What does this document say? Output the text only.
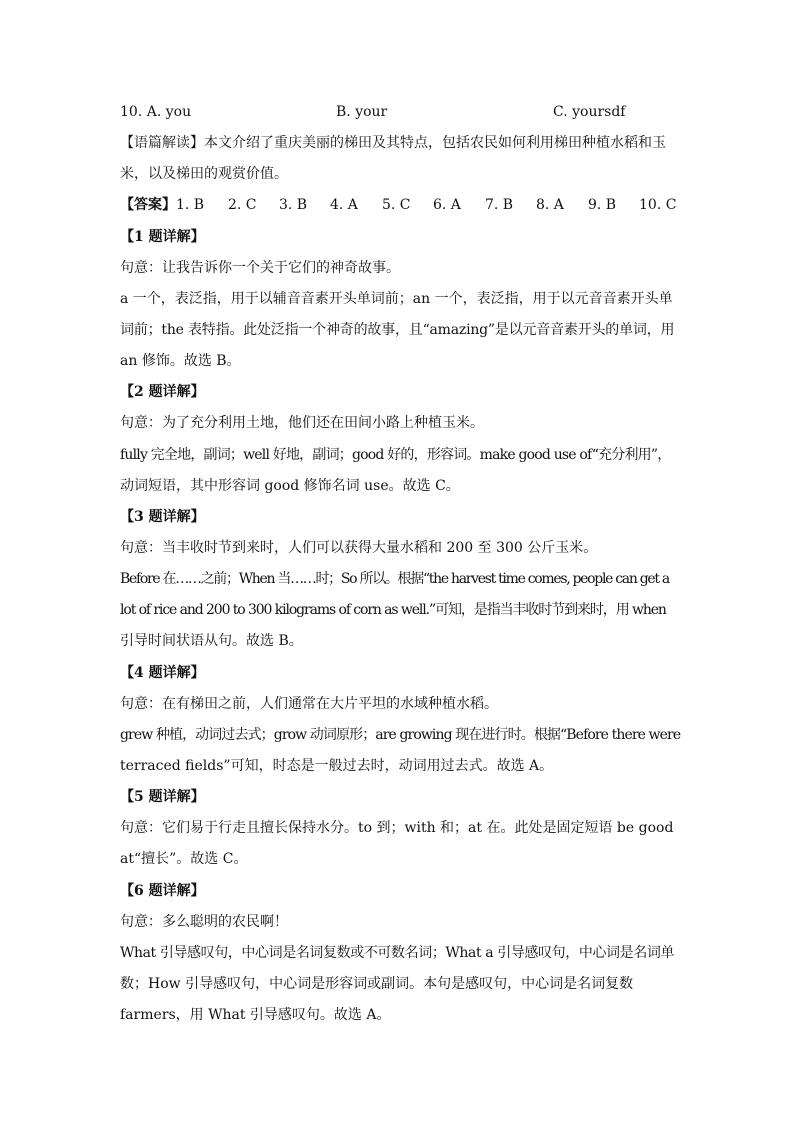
10. A. you	B. your	C. yoursdf
【语篇解读】本文介绍了重庆美丽的梯田及其特点，包括农民如何利用梯田种植水稻和玉
米，以及梯田的观赏价值。
【答案】 1. B 2. C 3. B 4. A 5. C 6. A 7. B 8. A 9. B 10. C
【1 题详解】
句意：让我告诉你一个关于它们的神奇故事。
a 一个，表泛指，用于以辅音音素开头单词前；an 一个，表泛指，用于以元音音素开头单
词前；the 表特指。此处泛指一个神奇的故事，且“amazing”是以元音音素开头的单词，用
an 修饰。故选 B。
【2 题详解】
句意：为了充分利用土地，他们还在田间小路上种植玉米。
fully 完全地，副词；well 好地，副词；good 好的，形容词。make good use of“充分利用”，
动词短语，其中形容词 good 修饰名词 use。故选 C。
【3 题详解】
句意：当丰收时节到来时，人们可以获得大量水稻和 200 至 300 公斤玉米。
Before 在……之前；When 当……时；So 所以。根据“the harvest time comes, people can get a
lot of rice and 200 to 300 kilograms of corn as well.”可知，是指当丰收时节到来时，用 when
引导时间状语从句。故选 B。
【4 题详解】
句意：在有梯田之前，人们通常在大片平坦的水域种植水稻。
grew 种植，动词过去式；grow 动词原形；are growing 现在进行时。根据“Before there were
terraced fields”可知，时态是一般过去时，动词用过去式。故选 A。
【5 题详解】
句意：它们易于行走且擅长保持水分。to 到；with 和；at 在。此处是固定短语 be good
at“擅长”。故选 C。
【6 题详解】
句意：多么聪明的农民啊！
What 引导感叹句，中心词是名词复数或不可数名词；What a 引导感叹句，中心词是名词单
数；How 引导感叹句，中心词是形容词或副词。本句是感叹句，中心词是名词复数
farmers，用 What 引导感叹句。故选 A。
